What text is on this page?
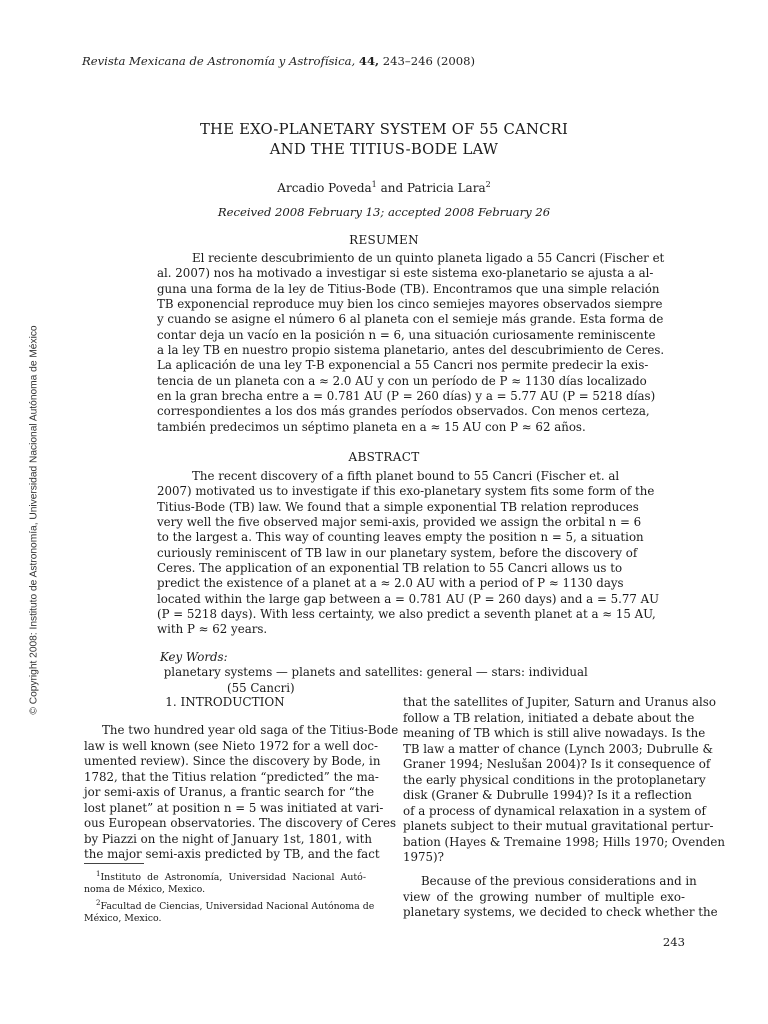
© Copyright 2008: Instituto de Astronomía, Universidad Nacional Autónoma de México
Revista Mexicana de Astronomía y Astrofísica, 44, 243–246 (2008)
THE EXO-PLANETARY SYSTEM OF 55 CANCRI
AND THE TITIUS-BODE LAW
Arcadio Poveda$^1$ and Patricia Lara$^2$
Received 2008 February 13; accepted 2008 February 26
RESUMEN
El reciente descubrimiento de un quinto planeta ligado a 55 Cancri (Fischer et
al. 2007) nos ha motivado a investigar si este sistema exo-planetario se ajusta a al-
guna una forma de la ley de Titius-Bode (TB). Encontramos que una simple relación
TB exponencial reproduce muy bien los cinco semiejes mayores observados siempre
y cuando se asigne el número 6 al planeta con el semieje más grande. Esta forma de
contar deja un vacío en la posición n = 6, una situación curiosamente reminiscente
a la ley TB en nuestro propio sistema planetario, antes del descubrimiento de Ceres.
La aplicación de una ley T-B exponencial a 55 Cancri nos permite predecir la exis-
tencia de un planeta con a ≈ 2.0 AU y con un período de P ≈ 1130 días localizado
en la gran brecha entre a = 0.781 AU (P = 260 días) y a = 5.77 AU (P = 5218 días)
correspondientes a los dos más grandes períodos observados. Con menos certeza,
también predecimos un séptimo planeta en a ≈ 15 AU con P ≈ 62 años.
ABSTRACT
The recent discovery of a fifth planet bound to 55 Cancri (Fischer et. al
2007) motivated us to investigate if this exo-planetary system fits some form of the
Titius-Bode (TB) law. We found that a simple exponential TB relation reproduces
very well the five observed major semi-axis, provided we assign the orbital n = 6
to the largest a. This way of counting leaves empty the position n = 5, a situation
curiously reminiscent of TB law in our planetary system, before the discovery of
Ceres. The application of an exponential TB relation to 55 Cancri allows us to
predict the existence of a planet at a ≈ 2.0 AU with a period of P ≈ 1130 days
located within the large gap between a = 0.781 AU (P = 260 days) and a = 5.77 AU
(P = 5218 days). With less certainty, we also predict a seventh planet at a ≈ 15 AU,
with P ≈ 62 years.
Key Words: planetary systems — planets and satellites: general — stars: individual
(55 Cancri)
1. INTRODUCTION
The two hundred year old saga of the Titius-Bode
law is well known (see Nieto 1972 for a well doc-
umented review). Since the discovery by Bode, in
1782, that the Titius relation “predicted” the ma-
jor semi-axis of Uranus, a frantic search for “the
lost planet” at position n = 5 was initiated at vari-
ous European observatories. The discovery of Ceres
by Piazzi on the night of January 1st, 1801, with
the major semi-axis predicted by TB, and the fact
that the satellites of Jupiter, Saturn and Uranus also
follow a TB relation, initiated a debate about the
meaning of TB which is still alive nowadays. Is the
TB law a matter of chance (Lynch 2003; Dubrulle &
Graner 1994; Neslušan 2004)? Is it consequence of
the early physical conditions in the protoplanetary
disk (Graner & Dubrulle 1994)? Is it a reflection
of a process of dynamical relaxation in a system of
planets subject to their mutual gravitational pertur-
bation (Hayes & Tremaine 1998; Hills 1970; Ovenden
1975)?
Because of the previous considerations and in
view of the growing number of multiple exo-
planetary systems, we decided to check whether the
$^1$Instituto de Astronomía, Universidad Nacional Autó-
noma de México, Mexico.
$^2$Facultad de Ciencias, Universidad Nacional Autónoma de
México, Mexico.
243
